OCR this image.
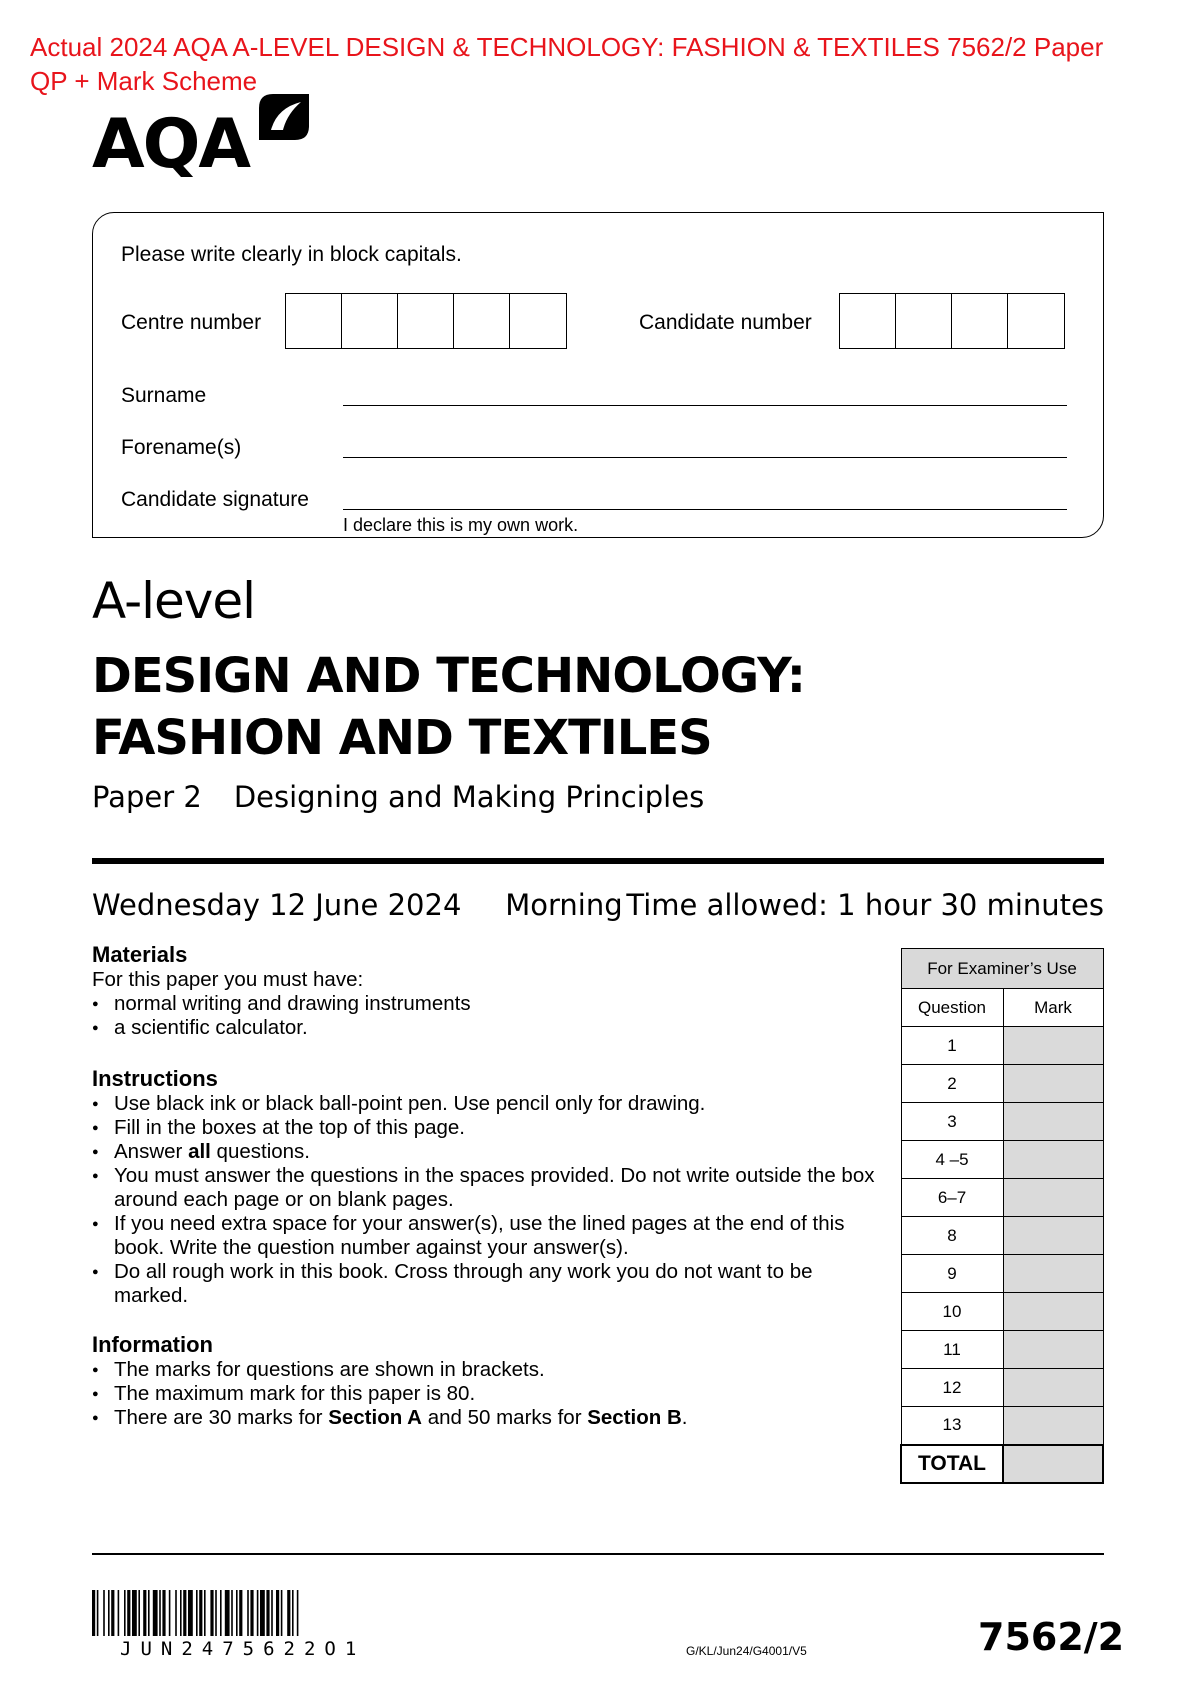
Actual 2024 AQA A-LEVEL DESIGN & TECHNOLOGY: FASHION & TEXTILES 7562/2 Paper
QP + Mark Scheme
AQA
Please write clearly in block capitals.
Centre number	Candidate number
Surname
Forename(s)
Candidate signature
I declare this is my own work.
A-level
DESIGN AND TECHNOLOGY:
FASHION AND TEXTILES
Paper 2 Designing and Making Principles
Wednesday 12 June 2024 Morning Time allowed: 1 hour 30 minutes
Materials
For this paper you must have:
● normal writing and drawing instruments
● a scientific calculator.
Instructions
● Use black ink or black ball-point pen. Use pencil only for drawing.
● Fill in the boxes at the top of this page.
● Answer all questions.
● You must answer the questions in the spaces provided. Do not write outside the box around each page or on blank pages.
● If you need extra space for your answer(s), use the lined pages at the end of this book. Write the question number against your answer(s).
● Do all rough work in this book. Cross through any work you do not want to be marked.
Information
● The marks for questions are shown in brackets.
● The maximum mark for this paper is 80.
● There are 30 marks for Section A and 50 marks for Section B.
For Examiner’s Use	
Question	Mark
1	
2	
3	
4 –5	
6–7	
8	
9	
10	
11	
12	
13	
TOTAL	
JUN2475622O1	G/KL/Jun24/G4001/V5	7562/2
